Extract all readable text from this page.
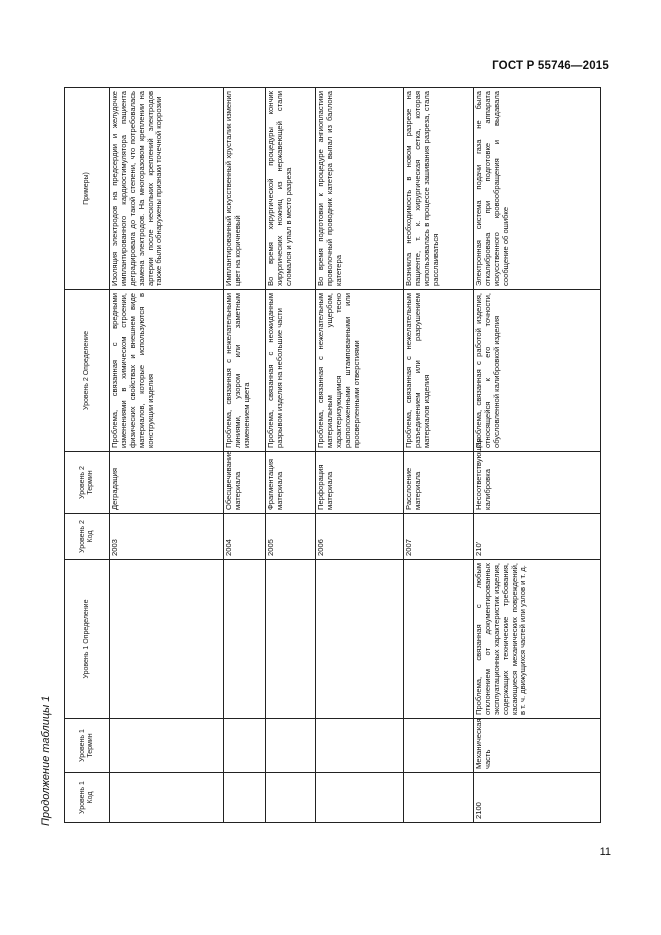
ГОСТ Р 55746—2015
Продолжение таблицы 1	Уровень 1 Код	Уровень 1 Термин	Уровень 1 Определение	Уровень 2 Код	Уровень 2 Термин	Уровень 2 Определение	Примеры)
			2003	Деградация	Проблема, связанная с вредными изменениями в химическом строении, физических свойствах и внешнем виде материалов, которые используются в конструкции изделия	Изоляция электродов на предсердии и желудочке имплантированного кардиостимулятора пациента деградировала до такой степени, что потребовалась замена электродов. На многоразовом креплении на артерии после нескольких креплений электродов также были обнаружены признаки точечной коррозии
			2004	Обесцвечивание материала	Проблема, связанная с нежелательными линиями, узором или заметным изменением цвета	Имплантированный искусственный хрусталик изменил цвет на коричневый
			2005	Фрагментация материала	Проблема, связанная с неожиданным разрывом изделия на небольшие части	Во время хирургической процедуры кончик хирургических ножниц из нержавеющей стали сломался и упал в место разреза
			2006	Перфорация материала	Проблема, связанная с нежелательным материальным ущербом, характеризующимся тесно расположенными штампованными или просверленными отверстиями	Во время подготовки к процедуре ангиопластики проволочный проводник катетера выпал из баллона катетера
			2007	Расслоение материала	Проблема, связанная с нежелательным разъединением или разрушением материалов изделия	Возникла необходимость в новом разрезе на пациенте, т. к. хирургическая сетка, которая использовалась в процессе зашивания разреза, стала расслаиваться
2100	Механическая часть	Проблема, связанная с любым отклонением от документированных эксплуатационных характеристик изделия, содержащих технические требования, касающиеся механических повреждений, в т. ч. движущихся частей или узлов и т. д.	210'	Несоответствующая калибровка	Проблема, связанная с работой изделия, относящейся к его точности, обусловленной калибровкой изделия	Электронная система подачи газа не была откалибрована при подготовке аппарата искусственного кровообращения и выдавала сообщение об ошибке
11
